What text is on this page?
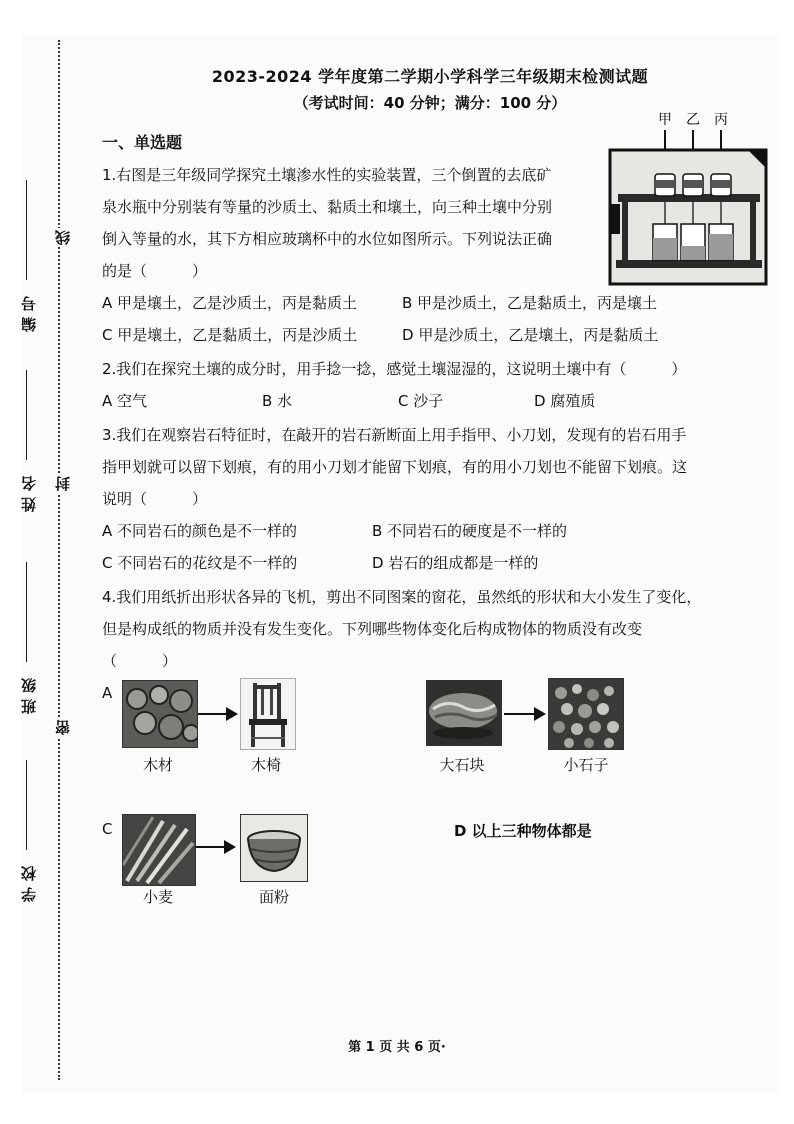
编号
姓名
班级
学校
线
封
密
2023-2024 学年度第二学期小学科学三年级期末检测试题
（考试时间：40 分钟；满分：100 分）
一、单选题
1.右图是三年级同学探究土壤渗水性的实验装置，三个倒置的去底矿
泉水瓶中分别装有等量的沙质土、黏质土和壤土，向三种土壤中分别
倒入等量的水，其下方相应玻璃杯中的水位如图所示。下列说法正确
的是（　　　）
A 甲是壤土，乙是沙质土，丙是黏质土	B 甲是沙质土，乙是黏质土，丙是壤土
C 甲是壤土，乙是黏质土，丙是沙质土	D 甲是沙质土，乙是壤土，丙是黏质土
甲 乙 丙
2.我们在探究土壤的成分时，用手捻一捻，感觉土壤湿湿的，这说明土壤中有（　　　）
A 空气	B 水	C 沙子	D 腐殖质
3.我们在观察岩石特征时，在敲开的岩石新断面上用手指甲、小刀划，发现有的岩石用手
指甲划就可以留下划痕，有的用小刀划才能留下划痕，有的用小刀划也不能留下划痕。这
说明（　　　）
A 不同岩石的颜色是不一样的	B 不同岩石的硬度是不一样的
C 不同岩石的花纹是不一样的	D 岩石的组成都是一样的
4.我们用纸折出形状各异的飞机，剪出不同图案的窗花，虽然纸的形状和大小发生了变化，
但是构成纸的物质并没有发生变化。下列哪些物体变化后构成物体的物质没有改变
（　　　）
A
木材	木椅	大石块	小石子
C
小麦	面粉
D 以上三种物体都是
第 1 页 共 6 页·
